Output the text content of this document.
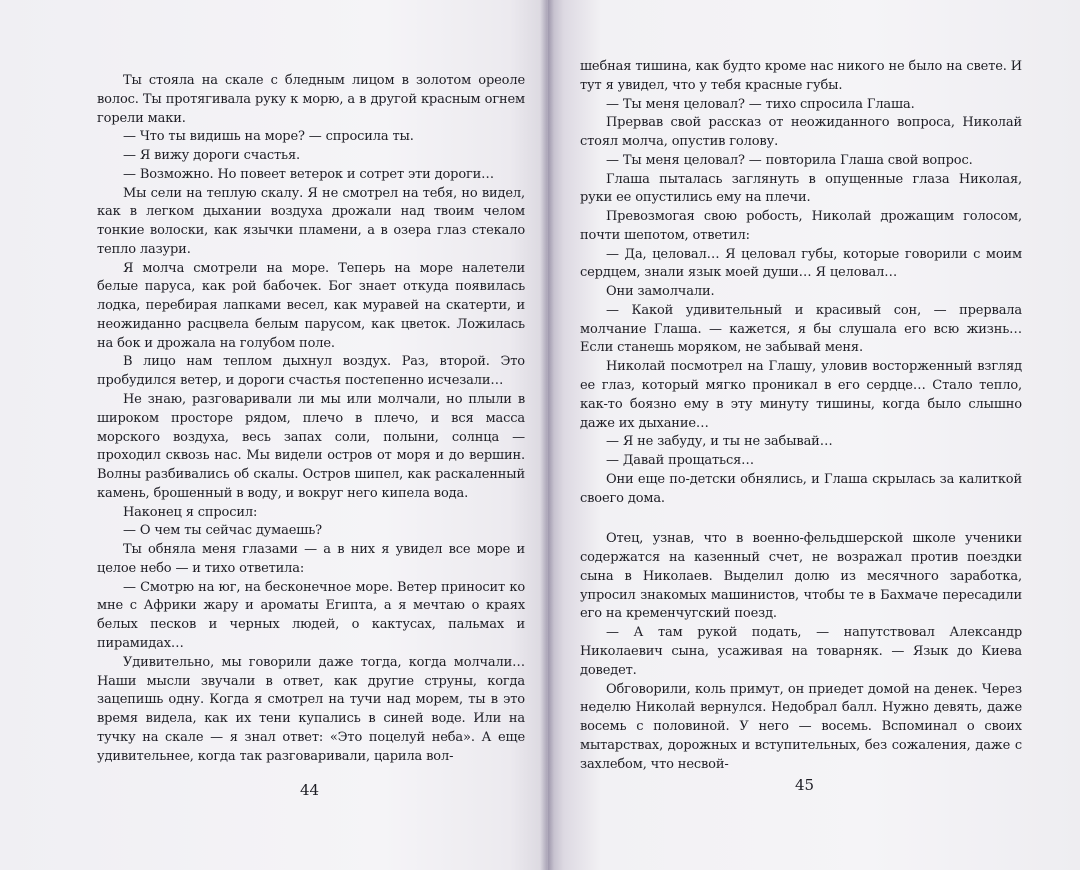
Ты стояла на скале с бледным лицом в золотом ореоле волос. Ты протягивала руку к морю, а в другой красным огнем горели маки.

— Что ты видишь на море? — спросила ты.

— Я вижу дороги счастья.

— Возможно. Но повеет ветерок и сотрет эти дороги…

Мы сели на теплую скалу. Я не смотрел на тебя, но видел, как в легком дыхании воздуха дрожали над твоим челом тонкие волоски, как язычки пламени, а в озера глаз стекало тепло лазури.

Я молча смотрели на море. Теперь на море налетели белые паруса, как рой бабочек. Бог знает откуда появилась лодка, перебирая лапками весел, как муравей на скатерти, и неожиданно расцвела белым парусом, как цветок. Ложилась на бок и дрожала на голубом поле.

В лицо нам теплом дыхнул воздух. Раз, второй. Это пробудился ветер, и дороги счастья постепенно исчезали…

Не знаю, разговаривали ли мы или молчали, но плыли в широком просторе рядом, плечо в плечо, и вся масса морского воздуха, весь запах соли, полыни, солнца — проходил сквозь нас. Мы видели остров от моря и до вершин. Волны разбивались об скалы. Остров шипел, как раскаленный камень, брошенный в воду, и вокруг него кипела вода.

Наконец я спросил:

— О чем ты сейчас думаешь?

Ты обняла меня глазами — а в них я увидел все море и целое небо — и тихо ответила:

— Смотрю на юг, на бесконечное море. Ветер приносит ко мне с Африки жару и ароматы Египта, а я мечтаю о краях белых песков и черных людей, о кактусах, пальмах и пирамидах…

Удивительно, мы говорили даже тогда, когда молчали… Наши мысли звучали в ответ, как другие струны, когда зацепишь одну. Когда я смотрел на тучи над морем, ты в это время видела, как их тени купались в синей воде. Или на тучку на скале — я знал ответ: «Это поцелуй неба». А еще удивительнее, когда так разговаривали, царила вол-

44

шебная тишина, как будто кроме нас никого не было на свете. И тут я увидел, что у тебя красные губы.

— Ты меня целовал? — тихо спросила Глаша.

Прервав свой рассказ от неожиданного вопроса, Николай стоял молча, опустив голову.

— Ты меня целовал? — повторила Глаша свой вопрос.

Глаша пыталась заглянуть в опущенные глаза Николая, руки ее опустились ему на плечи.

Превозмогая свою робость, Николай дрожащим голосом, почти шепотом, ответил:

— Да, целовал… Я целовал губы, которые говорили с моим сердцем, знали язык моей души… Я целовал…

Они замолчали.

— Какой удивительный и красивый сон, — прервала молчание Глаша. — кажется, я бы слушала его всю жизнь… Если станешь моряком, не забывай меня.

Николай посмотрел на Глашу, уловив восторженный взгляд ее глаз, который мягко проникал в его сердце… Стало тепло, как-то боязно ему в эту минуту тишины, когда было слышно даже их дыхание…

— Я не забуду, и ты не забывай…

— Давай прощаться…

Они еще по-детски обнялись, и Глаша скрылась за калиткой своего дома.

Отец, узнав, что в военно-фельдшерской школе ученики содержатся на казенный счет, не возражал против поездки сына в Николаев. Выделил долю из месячного заработка, упросил знакомых машинистов, чтобы те в Бахмаче пересадили его на кременчугский поезд.

— А там рукой подать, — напутствовал Александр Николаевич сына, усаживая на товарняк. — Язык до Киева доведет.

Обговорили, коль примут, он приедет домой на денек. Через неделю Николай вернулся. Недобрал балл. Нужно девять, даже восемь с половиной. У него — восемь. Вспоминал о своих мытарствах, дорожных и вступительных, без сожаления, даже с захлебом, что несвой-

45
